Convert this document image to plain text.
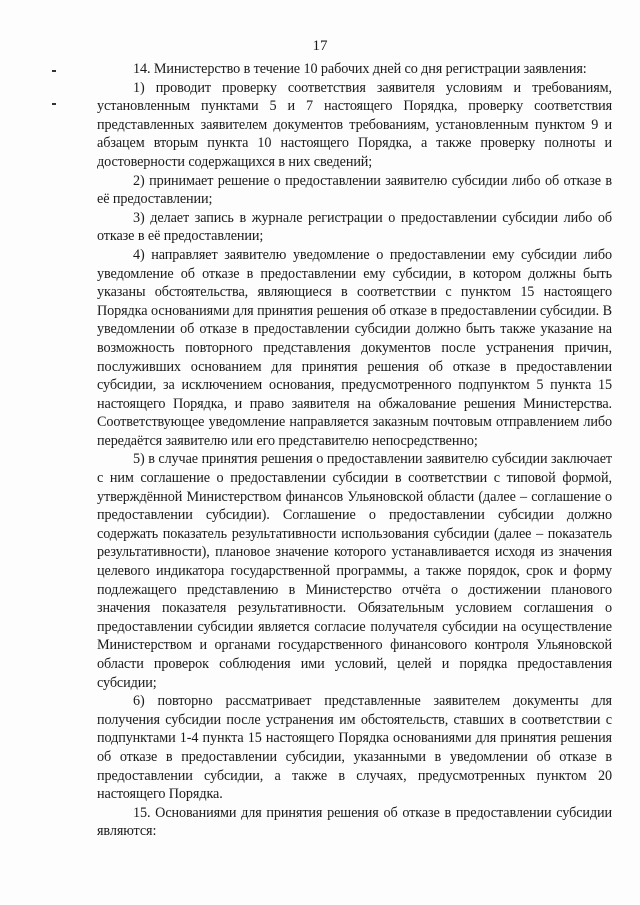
17

14. Министерство в течение 10 рабочих дней со дня регистрации заявления:

1) проводит проверку соответствия заявителя условиям и требованиям, установленным пунктами 5 и 7 настоящего Порядка, проверку соответствия представленных заявителем документов требованиям, установленным пунктом 9 и абзацем вторым пункта 10 настоящего Порядка, а также проверку полноты и достоверности содержащихся в них сведений;

2) принимает решение о предоставлении заявителю субсидии либо об отказе в её предоставлении;

3) делает запись в журнале регистрации о предоставлении субсидии либо об отказе в её предоставлении;

4) направляет заявителю уведомление о предоставлении ему субсидии либо уведомление об отказе в предоставлении ему субсидии, в котором должны быть указаны обстоятельства, являющиеся в соответствии с пунктом 15 настоящего Порядка основаниями для принятия решения об отказе в предоставлении субсидии. В уведомлении об отказе в предоставлении субсидии должно быть также указание на возможность повторного представления документов после устранения причин, послуживших основанием для принятия решения об отказе в предоставлении субсидии, за исключением основания, предусмотренного подпунктом 5 пункта 15 настоящего Порядка, и право заявителя на обжалование решения Министерства. Соответствующее уведомление направляется заказным почтовым отправлением либо передаётся заявителю или его представителю непосредственно;

5) в случае принятия решения о предоставлении заявителю субсидии заключает с ним соглашение о предоставлении субсидии в соответствии с типовой формой, утверждённой Министерством финансов Ульяновской области (далее – соглашение о предоставлении субсидии). Соглашение о предоставлении субсидии должно содержать показатель результативности использования субсидии (далее – показатель результативности), плановое значение которого устанавливается исходя из значения целевого индикатора государственной программы, а также порядок, срок и форму подлежащего представлению в Министерство отчёта о достижении планового значения показателя результативности. Обязательным условием соглашения о предоставлении субсидии является согласие получателя субсидии на осуществление Министерством и органами государственного финансового контроля Ульяновской области проверок соблюдения ими условий, целей и порядка предоставления субсидии;

6) повторно рассматривает представленные заявителем документы для получения субсидии после устранения им обстоятельств, ставших в соответствии с подпунктами 1-4 пункта 15 настоящего Порядка основаниями для принятия решения об отказе в предоставлении субсидии, указанными в уведомлении об отказе в предоставлении субсидии, а также в случаях, предусмотренных пунктом 20 настоящего Порядка.

15. Основаниями для принятия решения об отказе в предоставлении субсидии являются:
